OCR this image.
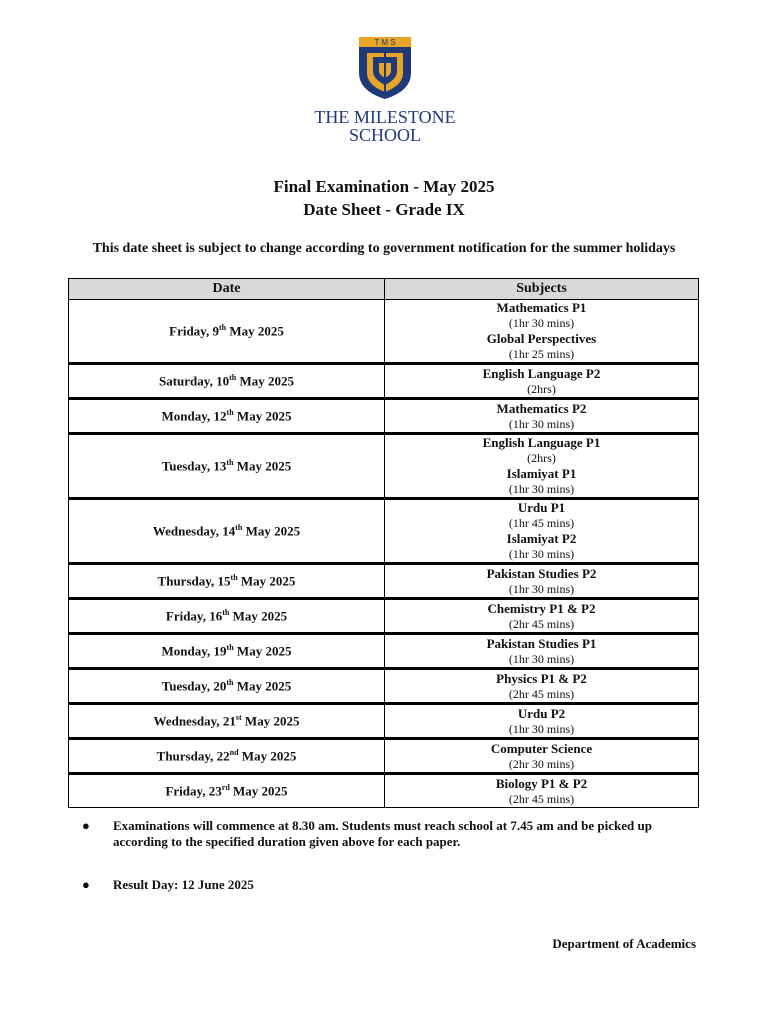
T M S
THE MILESTONE
SCHOOL
Final Examination - May 2025
Date Sheet - Grade IX
This date sheet is subject to change according to government notification for the summer holidays
Date	Subjects
Friday, 9th May 2025	Mathematics P1
(1hr 30 mins)
Global Perspectives
(1hr 25 mins)

Saturday, 10th May 2025	English Language P2
(2hrs)

Monday, 12th May 2025	Mathematics P2
(1hr 30 mins)

Tuesday, 13th May 2025	English Language P1
(2hrs)
Islamiyat P1
(1hr 30 mins)

Wednesday, 14th May 2025	Urdu P1
(1hr 45 mins)
Islamiyat P2
(1hr 30 mins)

Thursday, 15th May 2025	Pakistan Studies P2
(1hr 30 mins)

Friday, 16th May 2025	Chemistry P1 & P2
(2hr 45 mins)

Monday, 19th May 2025	Pakistan Studies P1
(1hr 30 mins)

Tuesday, 20th May 2025	Physics P1 & P2
(2hr 45 mins)

Wednesday, 21st May 2025	Urdu P2
(1hr 30 mins)

Thursday, 22nd May 2025	Computer Science
(2hr 30 mins)

Friday, 23rd May 2025	Biology P1 & P2
(2hr 45 mins)
● Examinations will commence at 8.30 am. Students must reach school at 7.45 am and be picked up according to the specified duration given above for each paper.
● Result Day: 12 June 2025
Department of Academics
